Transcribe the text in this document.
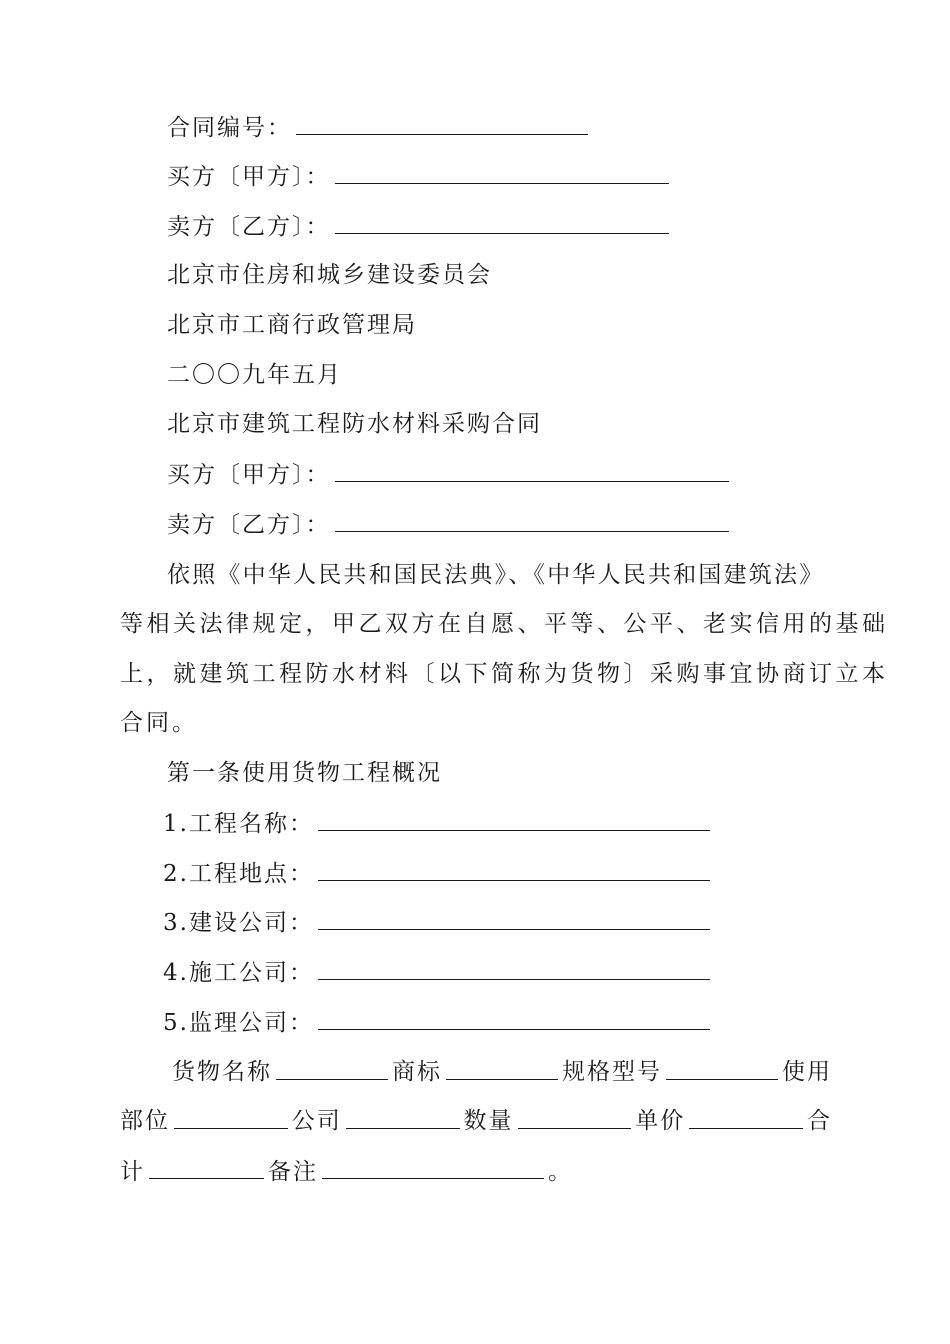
合同编号：
买方〔甲方〕：
卖方〔乙方〕：
北京市住房和城乡建设委员会
北京市工商行政管理局
二〇〇九年五月
北京市建筑工程防水材料采购合同
买方〔甲方〕：
卖方〔乙方〕：
依照《中华人民共和国民法典》、《中华人民共和国建筑法》
等相关法律规定，甲乙双方在自愿、平等、公平、老实信用的基础
上，就建筑工程防水材料〔以下简称为货物〕采购事宜协商订立本
合同。
第一条使用货物工程概况
1.工程名称：
2.工程地点：
3.建设公司：
4.施工公司：
5.监理公司：
货物名称	商标	规格型号	使用
部位	公司	数量	单价	合
计	备注	。
